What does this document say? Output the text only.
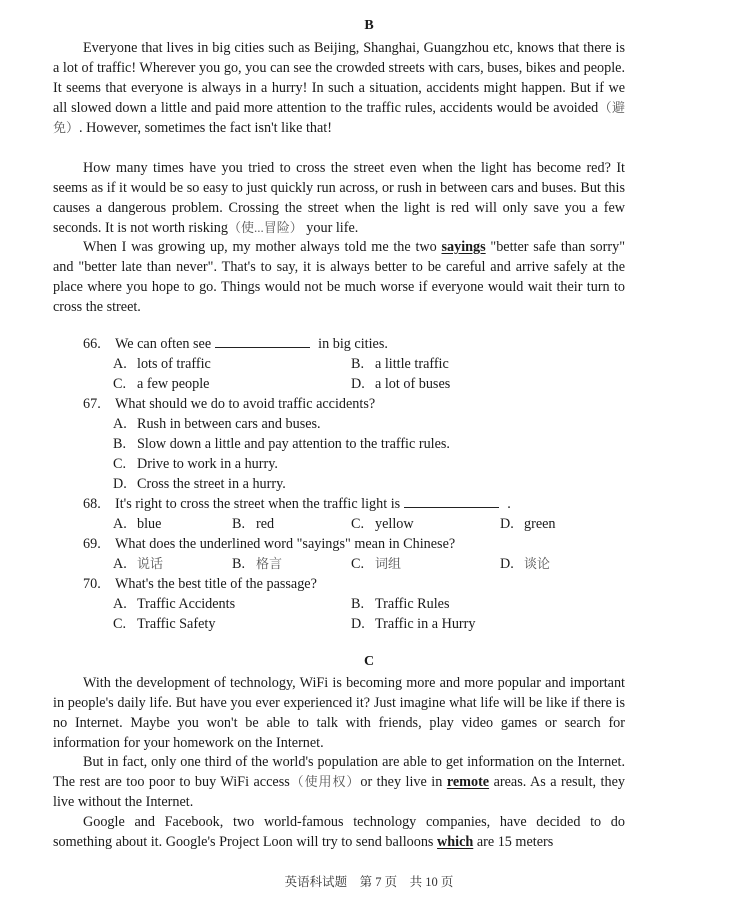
B

Everyone that lives in big cities such as Beijing, Shanghai, Guangzhou etc, knows that there is a lot of traffic! Wherever you go, you can see the crowded streets with cars, buses, bikes and people. It seems that everyone is always in a hurry! In such a situation, accidents might happen. But if we all slowed down a little and paid more attention to the traffic rules, accidents would be avoided（避免）. However, sometimes the fact isn't like that!

How many times have you tried to cross the street even when the light has become red? It seems as if it would be so easy to just quickly run across, or rush in between cars and buses. But this causes a dangerous problem. Crossing the street when the light is red will only save you a few seconds. It is not worth risking（使...冒险） your life.

When I was growing up, my mother always told me the two sayings "better safe than sorry" and "better late than never". That's to say, it is always better to be careful and arrive safely at the place where you hope to go. Things would not be much worse if everyone would wait their turn to cross the street.

66. We can often see	in big cities.
A. lots of traffic	B. a little traffic
C. a few people	D. a lot of buses
67. What should we do to avoid traffic accidents?
A. Rush in between cars and buses.
B. Slow down a little and pay attention to the traffic rules.
C. Drive to work in a hurry.
D. Cross the street in a hurry.
68. It's right to cross the street when the traffic light is	.
A. blue	B. red	C. yellow	D. green
69. What does the underlined word "sayings" mean in Chinese?
A. 说话	B. 格言	C. 词组	D. 谈论
70. What's the best title of the passage?
A. Traffic Accidents	B. Traffic Rules
C. Traffic Safety	D. Traffic in a Hurry
C

With the development of technology, WiFi is becoming more and more popular and important in people's daily life. But have you ever experienced it? Just imagine what life will be like if there is no Internet. Maybe you won't be able to talk with friends, play video games or search for information for your homework on the Internet.

But in fact, only one third of the world's population are able to get information on the Internet. The rest are too poor to buy WiFi access（使用权）or they live in remote areas. As a result, they live without the Internet.

Google and Facebook, two world-famous technology companies, have decided to do something about it. Google's Project Loon will try to send balloons which are 15 meters

英语科试题　第 7 页　共 10 页
